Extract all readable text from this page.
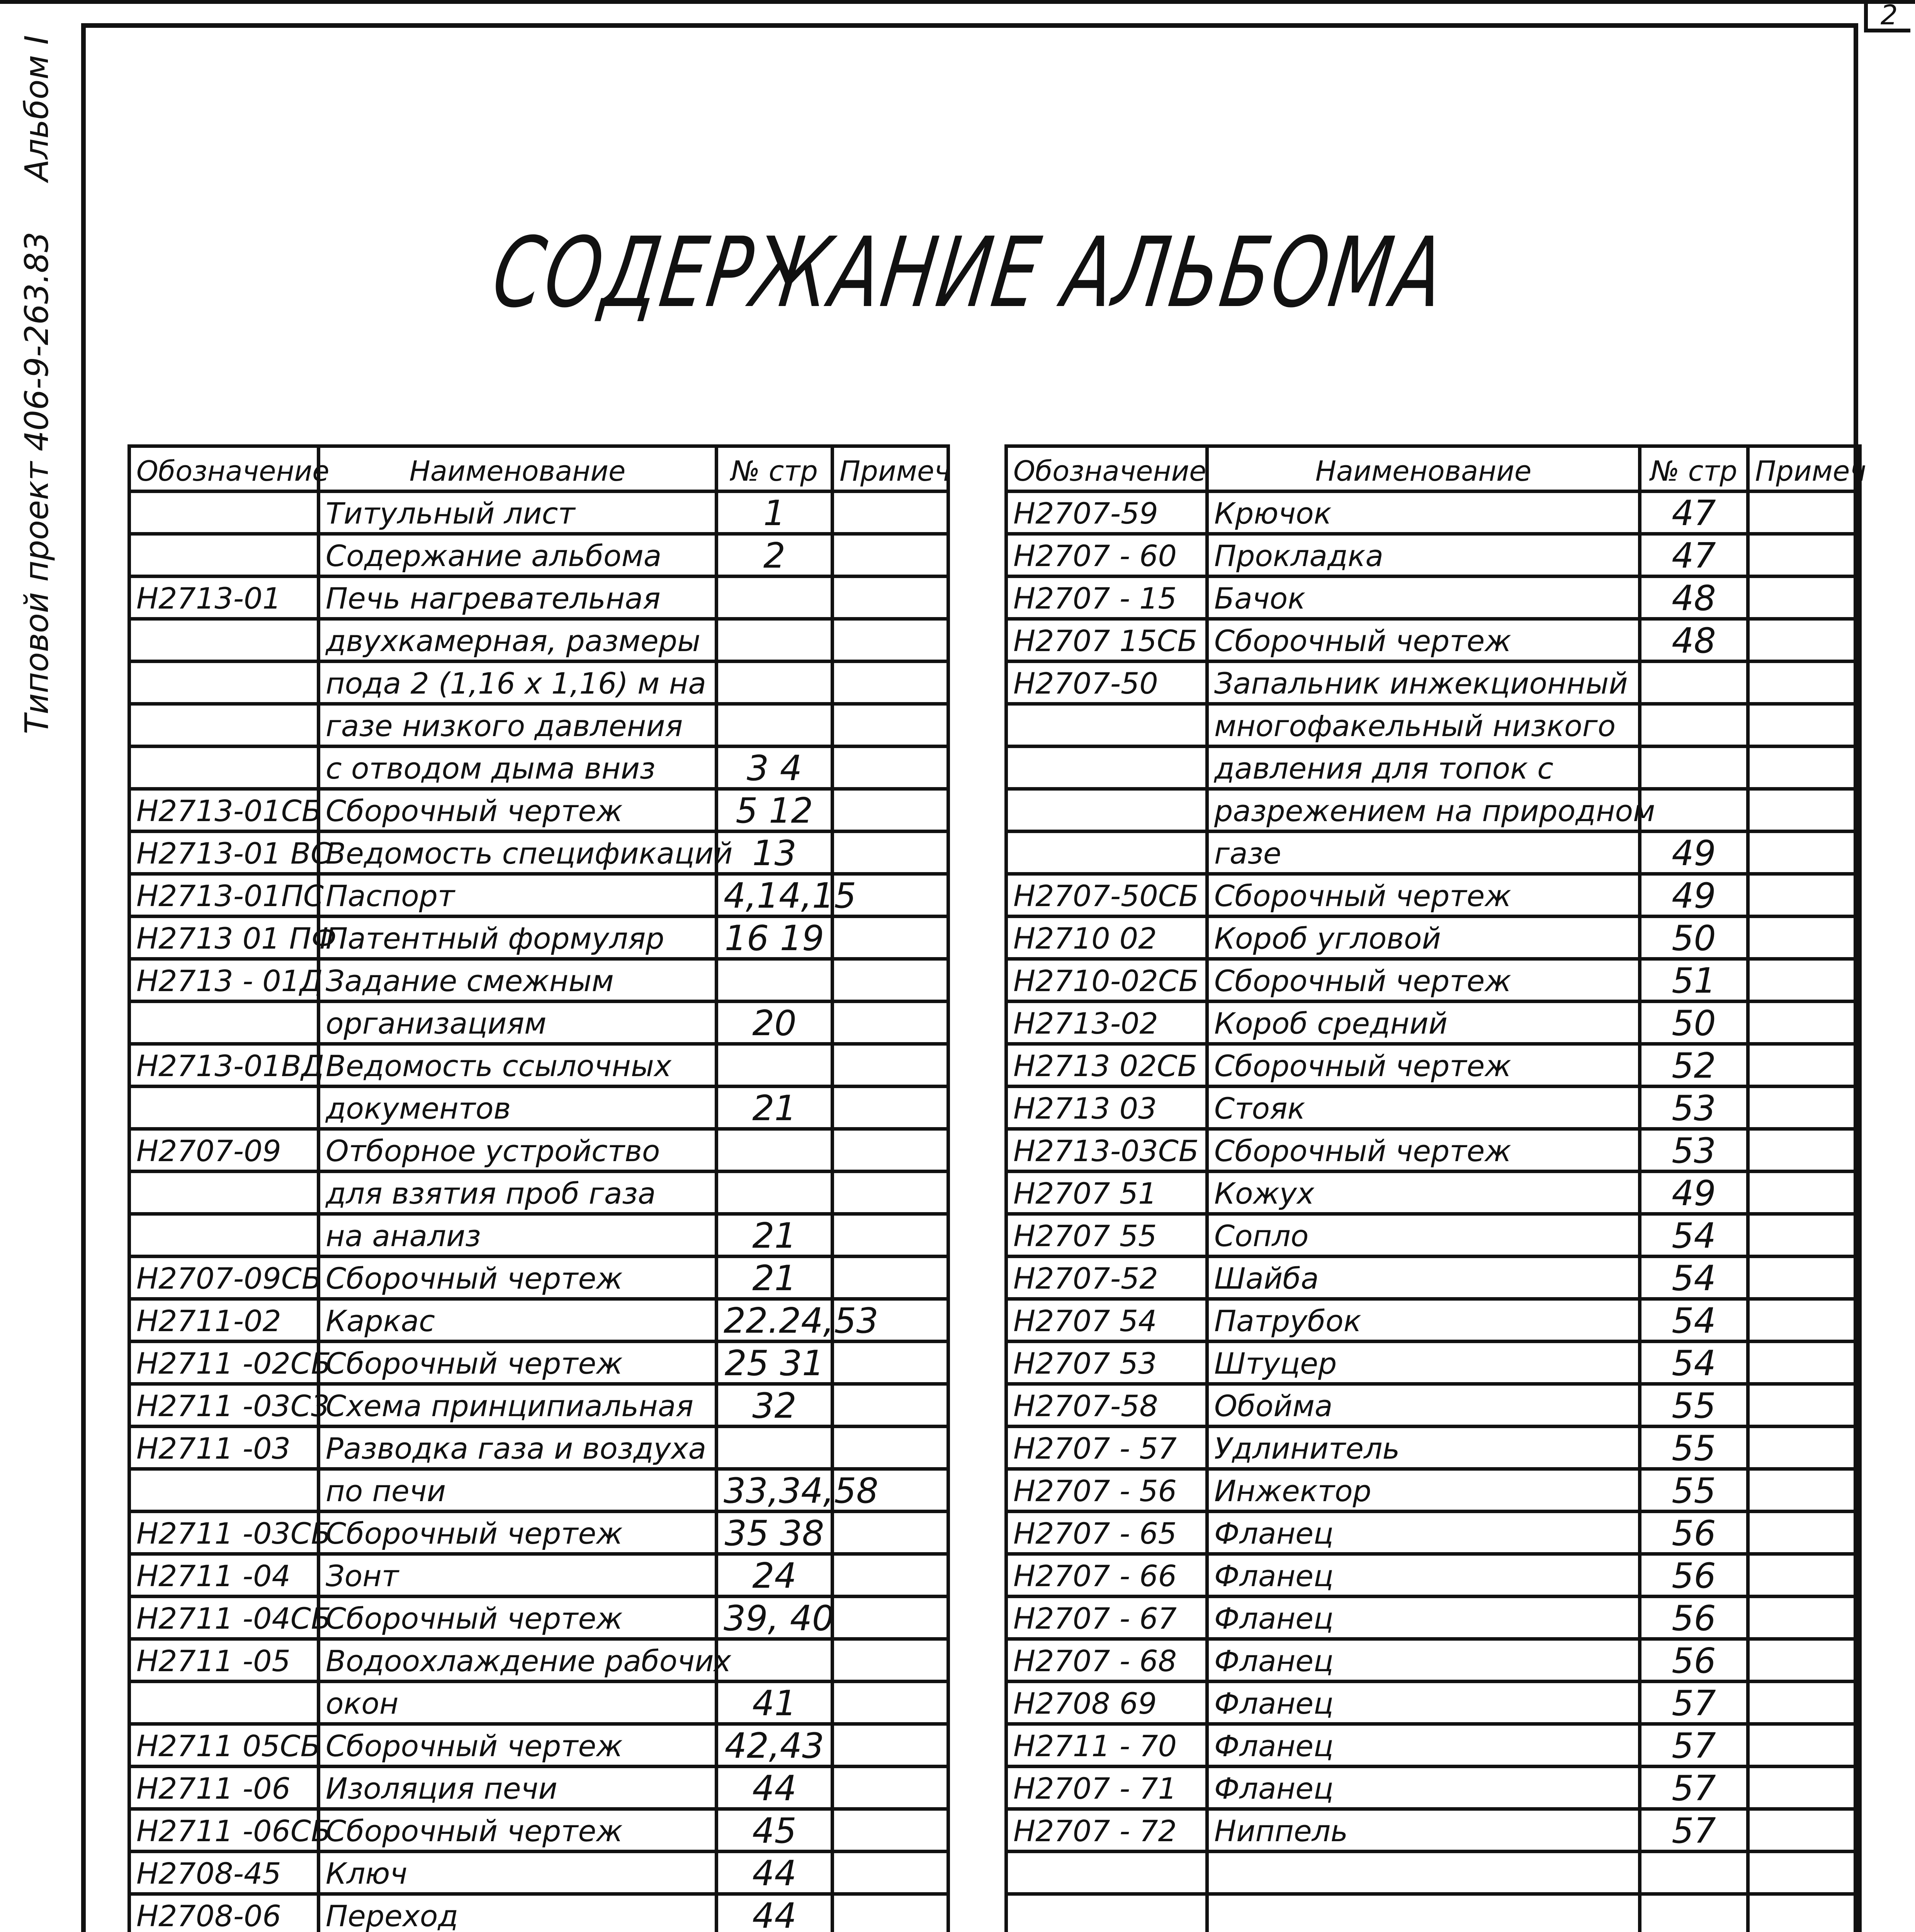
2
Типовой проект 406-9-263.83
Альбом I
СОДЕРЖАНИЕ АЛЬБОМА
Обозначение	Наименование	№ стр	Примеч
	Титульный лист	1	
	Содержание альбома	2	
Н2713-01	Печь нагревательная		
	двухкамерная, размеры		
	пода 2 (1,16 х 1,16) м на		
	газе низкого давления		
	с отводом дыма вниз	3 4	
Н2713-01СБ	Сборочный чертеж	5 12	
Н2713-01 ВС	Ведомость спецификаций	13	
Н2713-01ПС	Паспорт	4,14,15	
Н2713 01 ПФ	Патентный формуляр	16 19	
Н2713 - 01Д	Задание смежным		
	организациям	20	
Н2713-01ВД	Ведомость ссылочных		
	документов	21	
Н2707-09	Отборное устройство		
	для взятия проб газа		
	на анализ	21	
Н2707-09СБ	Сборочный чертеж	21	
Н2711-02	Каркас	22.24,53	
Н2711 -02СБ	Сборочный чертеж	25 31	
Н2711 -03С3	Схема принципиальная	32	
Н2711 -03	Разводка газа и воздуха		
	по печи	33,34,58	
Н2711 -03СБ	Сборочный чертеж	35 38	
Н2711 -04	Зонт	24	
Н2711 -04СБ	Сборочный чертеж	39, 40	
Н2711 -05	Водоохлаждение рабочих		
	окон	41	
Н2711 05СБ	Сборочный чертеж	42,43	
Н2711 -06	Изоляция печи	44	
Н2711 -06СБ	Сборочный чертеж	45	
Н2708-45	Ключ	44	
Н2708-06	Переход	44	

Обозначение	Наименование	№ стр	Примеч
Н2707-59	Крючок	47	
Н2707 - 60	Прокладка	47	
Н2707 - 15	Бачок	48	
Н2707 15СБ	Сборочный чертеж	48	
Н2707-50	Запальник инжекционный		
	многофакельный низкого		
	давления для топок с		
	разрежением на природном		
	газе	49	
Н2707-50СБ	Сборочный чертеж	49	
Н2710 02	Короб угловой	50	
Н2710-02СБ	Сборочный чертеж	51	
Н2713-02	Короб средний	50	
Н2713 02СБ	Сборочный чертеж	52	
Н2713 03	Стояк	53	
Н2713-03СБ	Сборочный чертеж	53	
Н2707 51	Кожух	49	
Н2707 55	Сопло	54	
Н2707-52	Шайба	54	
Н2707 54	Патрубок	54	
Н2707 53	Штуцер	54	
Н2707-58	Обойма	55	
Н2707 - 57	Удлинитель	55	
Н2707 - 56	Инжектор	55	
Н2707 - 65	Фланец	56	
Н2707 - 66	Фланец	56	
Н2707 - 67	Фланец	56	
Н2707 - 68	Фланец	56	
Н2708 69	Фланец	57	
Н2711 - 70	Фланец	57	
Н2707 - 71	Фланец	57	
Н2707 - 72	Ниппель	57	
